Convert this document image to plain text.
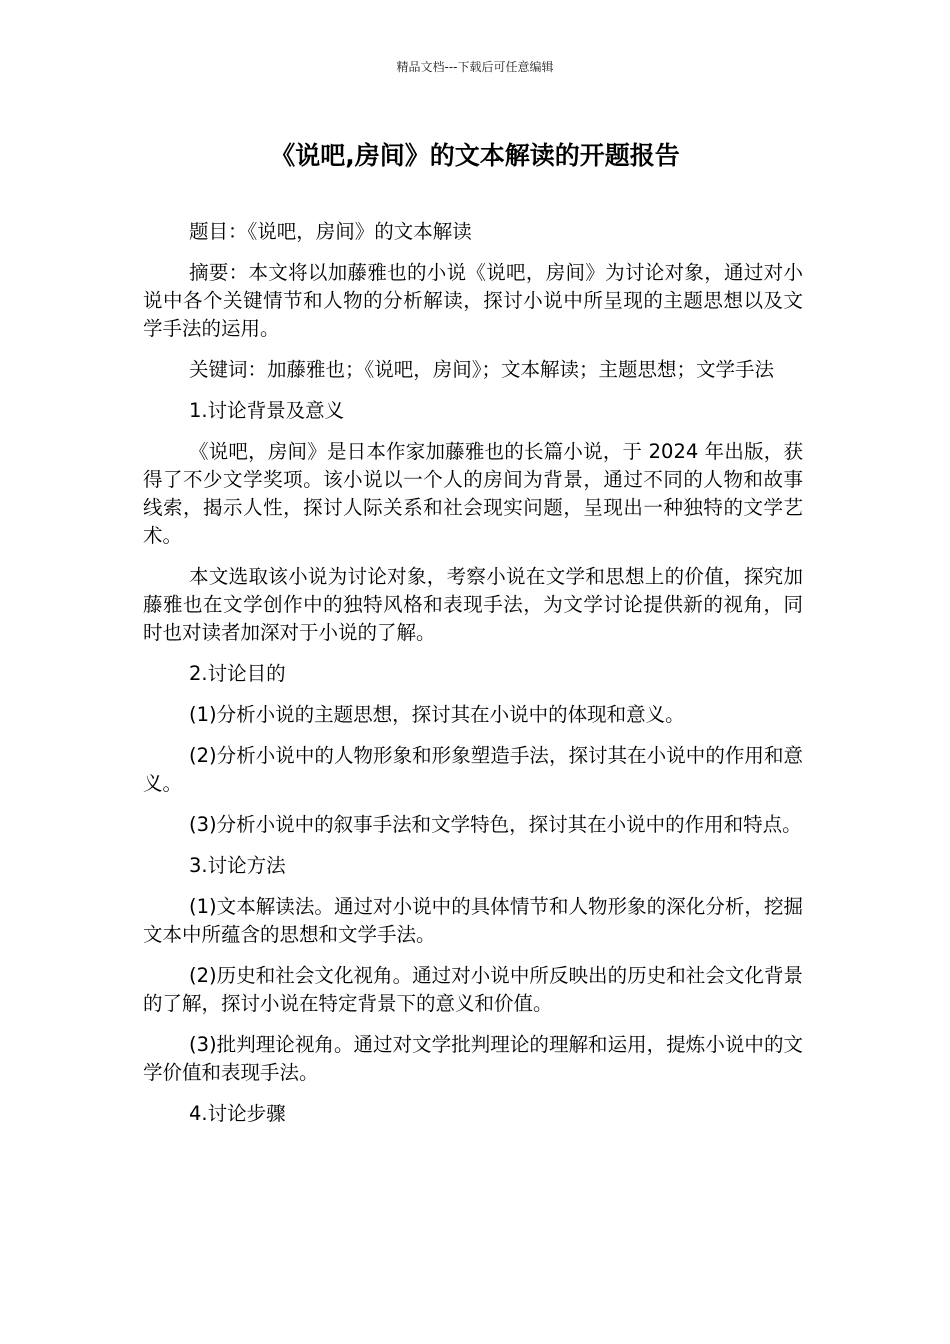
精品文档---下载后可任意编辑
《说吧,房间》的文本解读的开题报告

题目：《说吧，房间》的文本解读

摘要：本文将以加藤雅也的小说《说吧，房间》为讨论对象，通过对小说中各个关键情节和人物的分析解读，探讨小说中所呈现的主题思想以及文学手法的运用。

关键词：加藤雅也；《说吧，房间》；文本解读；主题思想；文学手法

1.讨论背景及意义

《说吧，房间》是日本作家加藤雅也的长篇小说，于 2024 年出版，获得了不少文学奖项。该小说以一个人的房间为背景，通过不同的人物和故事线索，揭示人性，探讨人际关系和社会现实问题，呈现出一种独特的文学艺术。

本文选取该小说为讨论对象，考察小说在文学和思想上的价值，探究加藤雅也在文学创作中的独特风格和表现手法，为文学讨论提供新的视角，同时也对读者加深对于小说的了解。

2.讨论目的

(1)分析小说的主题思想，探讨其在小说中的体现和意义。

(2)分析小说中的人物形象和形象塑造手法，探讨其在小说中的作用和意义。

(3)分析小说中的叙事手法和文学特色，探讨其在小说中的作用和特点。

3.讨论方法

(1)文本解读法。通过对小说中的具体情节和人物形象的深化分析，挖掘文本中所蕴含的思想和文学手法。

(2)历史和社会文化视角。通过对小说中所反映出的历史和社会文化背景的了解，探讨小说在特定背景下的意义和价值。

(3)批判理论视角。通过对文学批判理论的理解和运用，提炼小说中的文学价值和表现手法。

4.讨论步骤
